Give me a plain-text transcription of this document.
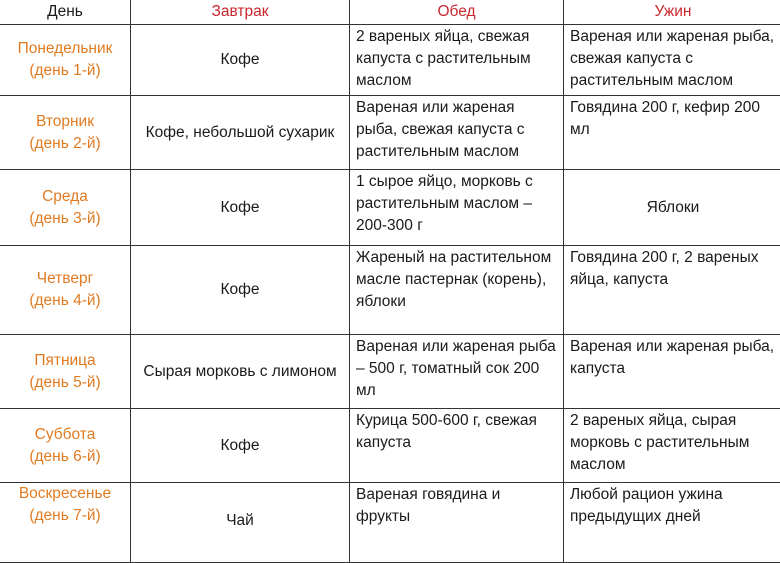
День	Завтрак	Обед	Ужин
Понедельник
(день 1-й)	Кофе	2 вареных яйца, свежая капуста с растительным маслом	Вареная или жареная рыба, свежая капуста с растительным маслом
Вторник
(день 2-й)	Кофе, небольшой сухарик	Вареная или жареная рыба, свежая капуста с растительным маслом	Говядина 200 г, кефир 200 мл
Среда
(день 3-й)	Кофе	1 сырое яйцо, морковь с растительным маслом – 200-300 г	Яблоки
Четверг
(день 4-й)	Кофе	Жареный на растительном масле пастернак (корень), яблоки	Говядина 200 г, 2 вареных яйца, капуста
Пятница
(день 5-й)	Сырая морковь с лимоном	Вареная или жареная рыба – 500 г, томатный сок 200 мл	Вареная или жареная рыба, капуста
Суббота
(день 6-й)	Кофе	Курица 500-600 г, свежая капуста	2 вареных яйца, сырая морковь с растительным маслом
Воскресенье
(день 7-й)	Чай	Вареная говядина и фрукты	Любой рацион ужина предыдущих дней
